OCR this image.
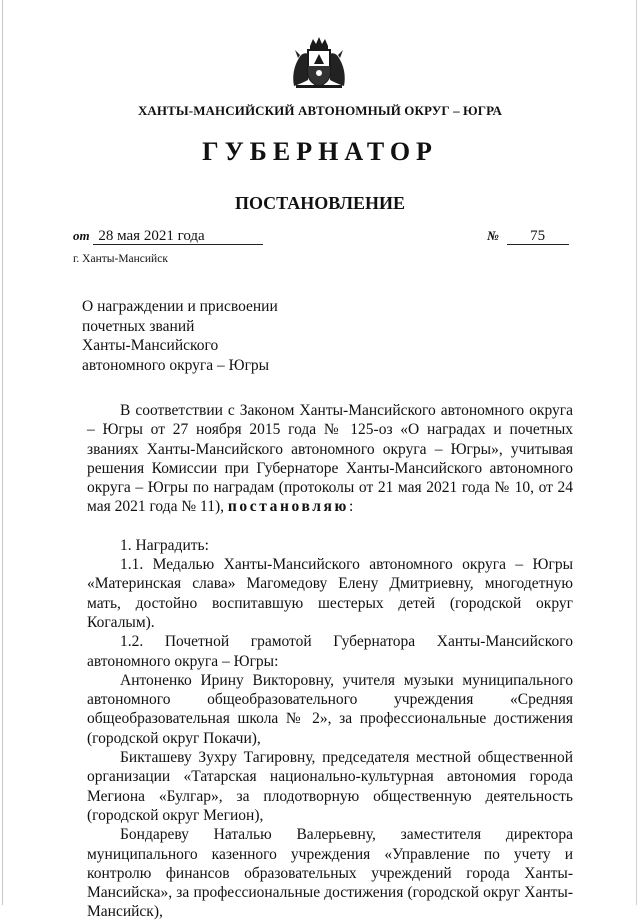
ХАНТЫ-МАНСИЙСКИЙ АВТОНОМНЫЙ ОКРУГ – ЮГРА
ГУБЕРНАТОР
ПОСТАНОВЛЕНИЕ
от 28 мая 2021 года	№ 75
г. Ханты-Мансийск
О награждении и присвоении
почетных званий
Ханты-Мансийского
автономного округа – Югры

В соответствии с Законом Ханты-Мансийского автономного округа – Югры от 27 ноября 2015 года № 125-оз «О наградах и почетных званиях Ханты-Мансийского автономного округа – Югры», учитывая решения Комиссии при Губернаторе Ханты-Мансийского автономного округа – Югры по наградам (протоколы от 21 мая 2021 года № 10, от 24 мая 2021 года № 11), постановляю:

1. Наградить:

1.1. Медалью Ханты-Мансийского автономного округа – Югры «Материнская слава» Магомедову Елену Дмитриевну, многодетную мать, достойно воспитавшую шестерых детей (городской округ Когалым).

1.2. Почетной грамотой Губернатора Ханты-Мансийского автономного округа – Югры:

Антоненко Ирину Викторовну, учителя музыки муниципального автономного общеобразовательного учреждения «Средняя общеобразовательная школа № 2», за профессиональные достижения (городской округ Покачи),

Бикташеву Зухру Тагировну, председателя местной общественной организации «Татарская национально-культурная автономия города Мегиона «Булгар», за плодотворную общественную деятельность (городской округ Мегион),

Бондареву Наталью Валерьевну, заместителя директора муниципального казенного учреждения «Управление по учету и контролю финансов образовательных учреждений города Ханты-Мансийска», за профессиональные достижения (городской округ Ханты-Мансийск),
